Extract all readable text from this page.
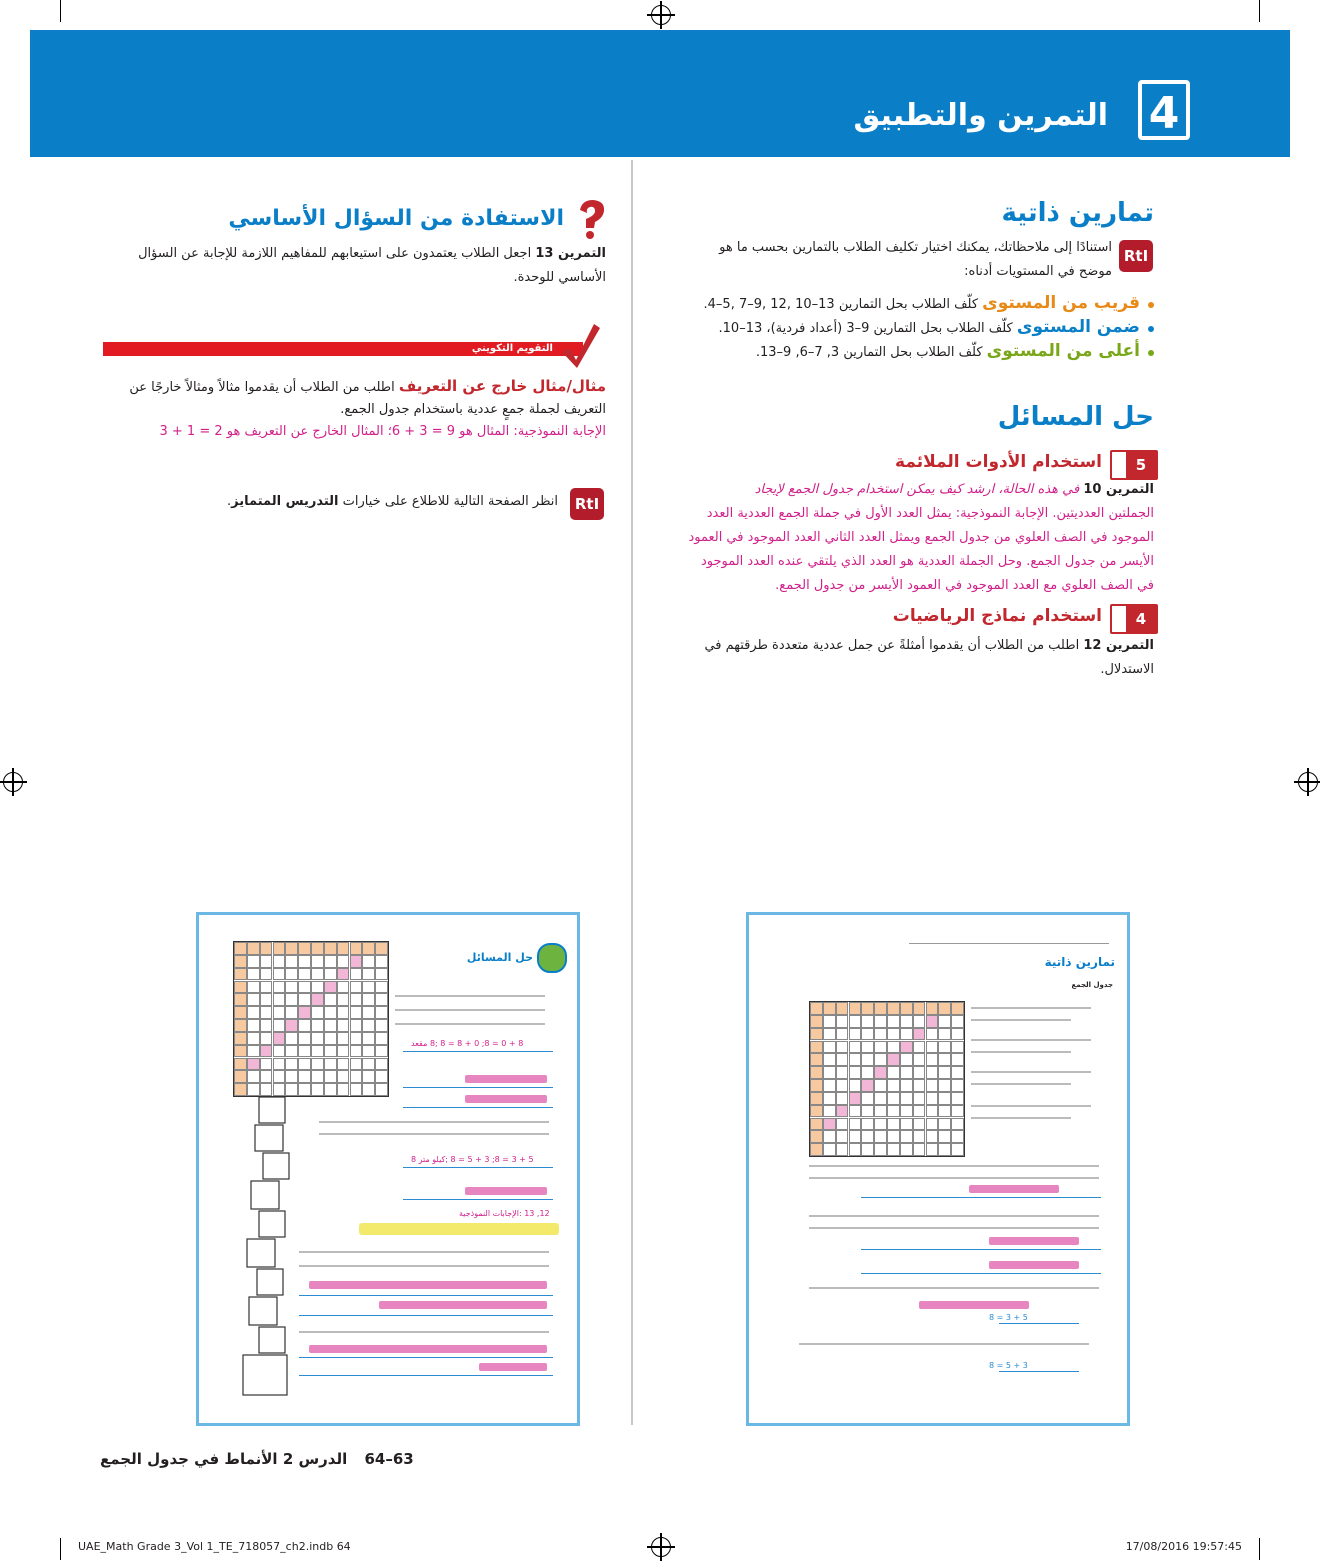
التمرين والتطبيق 4
تمارين ذاتية
RtI
استنادًا إلى ملاحظاتك، يمكنك اختيار تكليف الطلاب بالتمارين بحسب ما هو
موضح في المستويات أدناه:
قريب من المستوى كلّف الطلاب بحل التمارين 13–10 ,12 ,9–7 ,5–4.
ضمن المستوى كلّف الطلاب بحل التمارين 9–3 (أعداد فردية)، 13–10.
أعلى من المستوى كلّف الطلاب بحل التمارين 3, 7–6, 9–13.
حل المسائل
5
استخدام الأدوات الملائمة
التمرين 10 في هذه الحالة، ارشد كيف يمكن استخدام جدول الجمع لإيجاد
الجملتين العدديتين. الإجابة النموذجية: يمثل العدد الأول في جملة الجمع العددية العدد
الموجود في الصف العلوي من جدول الجمع ويمثل العدد الثاني العدد الموجود في العمود
الأيسر من جدول الجمع. وحل الجملة العددية هو العدد الذي يلتقي عنده العدد الموجود
في الصف العلوي مع العدد الموجود في العمود الأيسر من جدول الجمع.
4
استخدام نماذج الرياضيات
التمرين 12 اطلب من الطلاب أن يقدموا أمثلةً عن جمل عددية متعددة طرقتهم في
الاستدلال.
الاستفادة من السؤال الأساسي
التمرين 13 اجعل الطلاب يعتمدون على استيعابهم للمفاهيم اللازمة للإجابة عن السؤال
الأساسي للوحدة.
التقويم التكويني
مثال/مثال خارج عن التعريف اطلب من الطلاب أن يقدموا مثالاً ومثالاً خارجًا عن
التعريف لجملة جمعٍ عددية باستخدام جدول الجمع.
الإجابة النموذجية: المثال هو 9 = 3 + 6؛ المثال الخارج عن التعريف هو 2 = 1 + 3
RtI
انظر الصفحة التالية للاطلاع على خيارات التدريس المتمايز.
تمارين ذاتية
جدول الجمع
8 = 3 + 5
8 = 5 + 3
حل المسائل
8 + 0 = 8; 0 + 8 = 8 ;8 مقعد
5 + 3 = 8; 3 + 5 = 8 ;كيلو متر 8
12, 13 :الإجابات النموذجية
63–64 الدرس 2 الأنماط في جدول الجمع
UAE_Math Grade 3_Vol 1_TE_718057_ch2.indb 64	17/08/2016 19:57:45
